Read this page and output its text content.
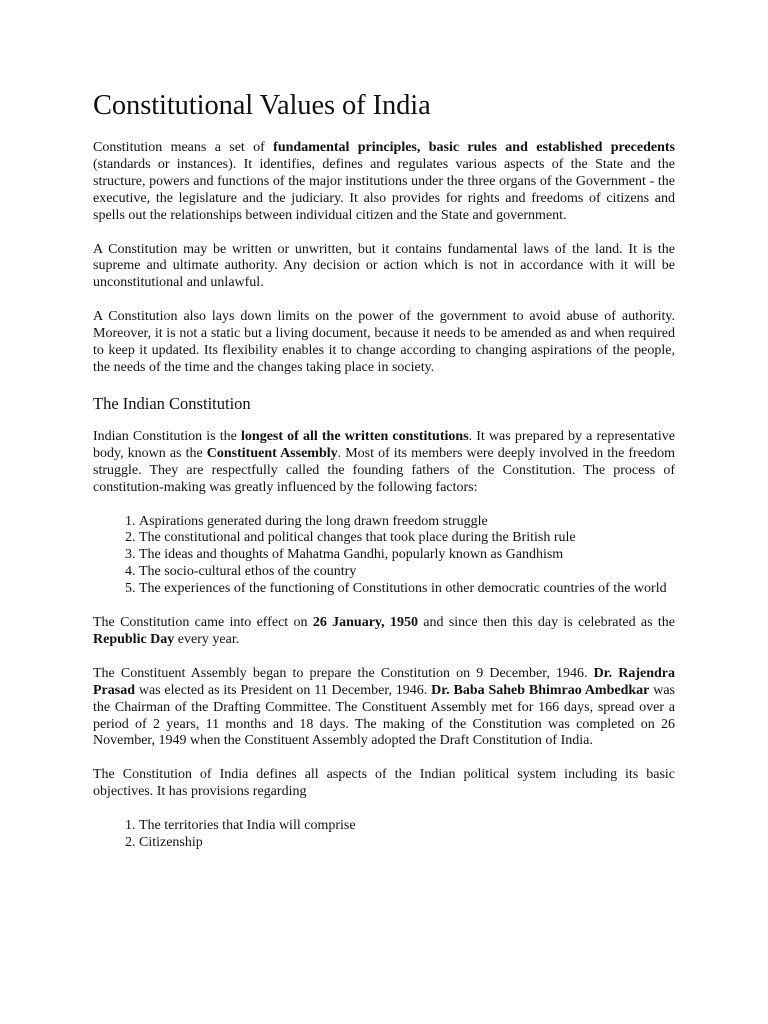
Constitutional Values of India

Constitution means a set of fundamental principles, basic rules and established precedents (standards or instances). It identifies, defines and regulates various aspects of the State and the structure, powers and functions of the major institutions under the three organs of the Government - the executive, the legislature and the judiciary. It also provides for rights and freedoms of citizens and spells out the relationships between individual citizen and the State and government.

A Constitution may be written or unwritten, but it contains fundamental laws of the land. It is the supreme and ultimate authority. Any decision or action which is not in accordance with it will be unconstitutional and unlawful.

A Constitution also lays down limits on the power of the government to avoid abuse of authority. Moreover, it is not a static but a living document, because it needs to be amended as and when required to keep it updated. Its flexibility enables it to change according to changing aspirations of the people, the needs of the time and the changes taking place in society.

The Indian Constitution

Indian Constitution is the longest of all the written constitutions. It was prepared by a representative body, known as the Constituent Assembly. Most of its members were deeply involved in the freedom struggle. They are respectfully called the founding fathers of the Constitution. The process of constitution-making was greatly influenced by the following factors:

1. Aspirations generated during the long drawn freedom struggle
2. The constitutional and political changes that took place during the British rule
3. The ideas and thoughts of Mahatma Gandhi, popularly known as Gandhism
4. The socio-cultural ethos of the country
5. The experiences of the functioning of Constitutions in other democratic countries of the world

The Constitution came into effect on 26 January, 1950 and since then this day is celebrated as the Republic Day every year.

The Constituent Assembly began to prepare the Constitution on 9 December, 1946. Dr. Rajendra Prasad was elected as its President on 11 December, 1946. Dr. Baba Saheb Bhimrao Ambedkar was the Chairman of the Drafting Committee. The Constituent Assembly met for 166 days, spread over a period of 2 years, 11 months and 18 days. The making of the Constitution was completed on 26 November, 1949 when the Constituent Assembly adopted the Draft Constitution of India.

The Constitution of India defines all aspects of the Indian political system including its basic objectives. It has provisions regarding

1. The territories that India will comprise
2. Citizenship
